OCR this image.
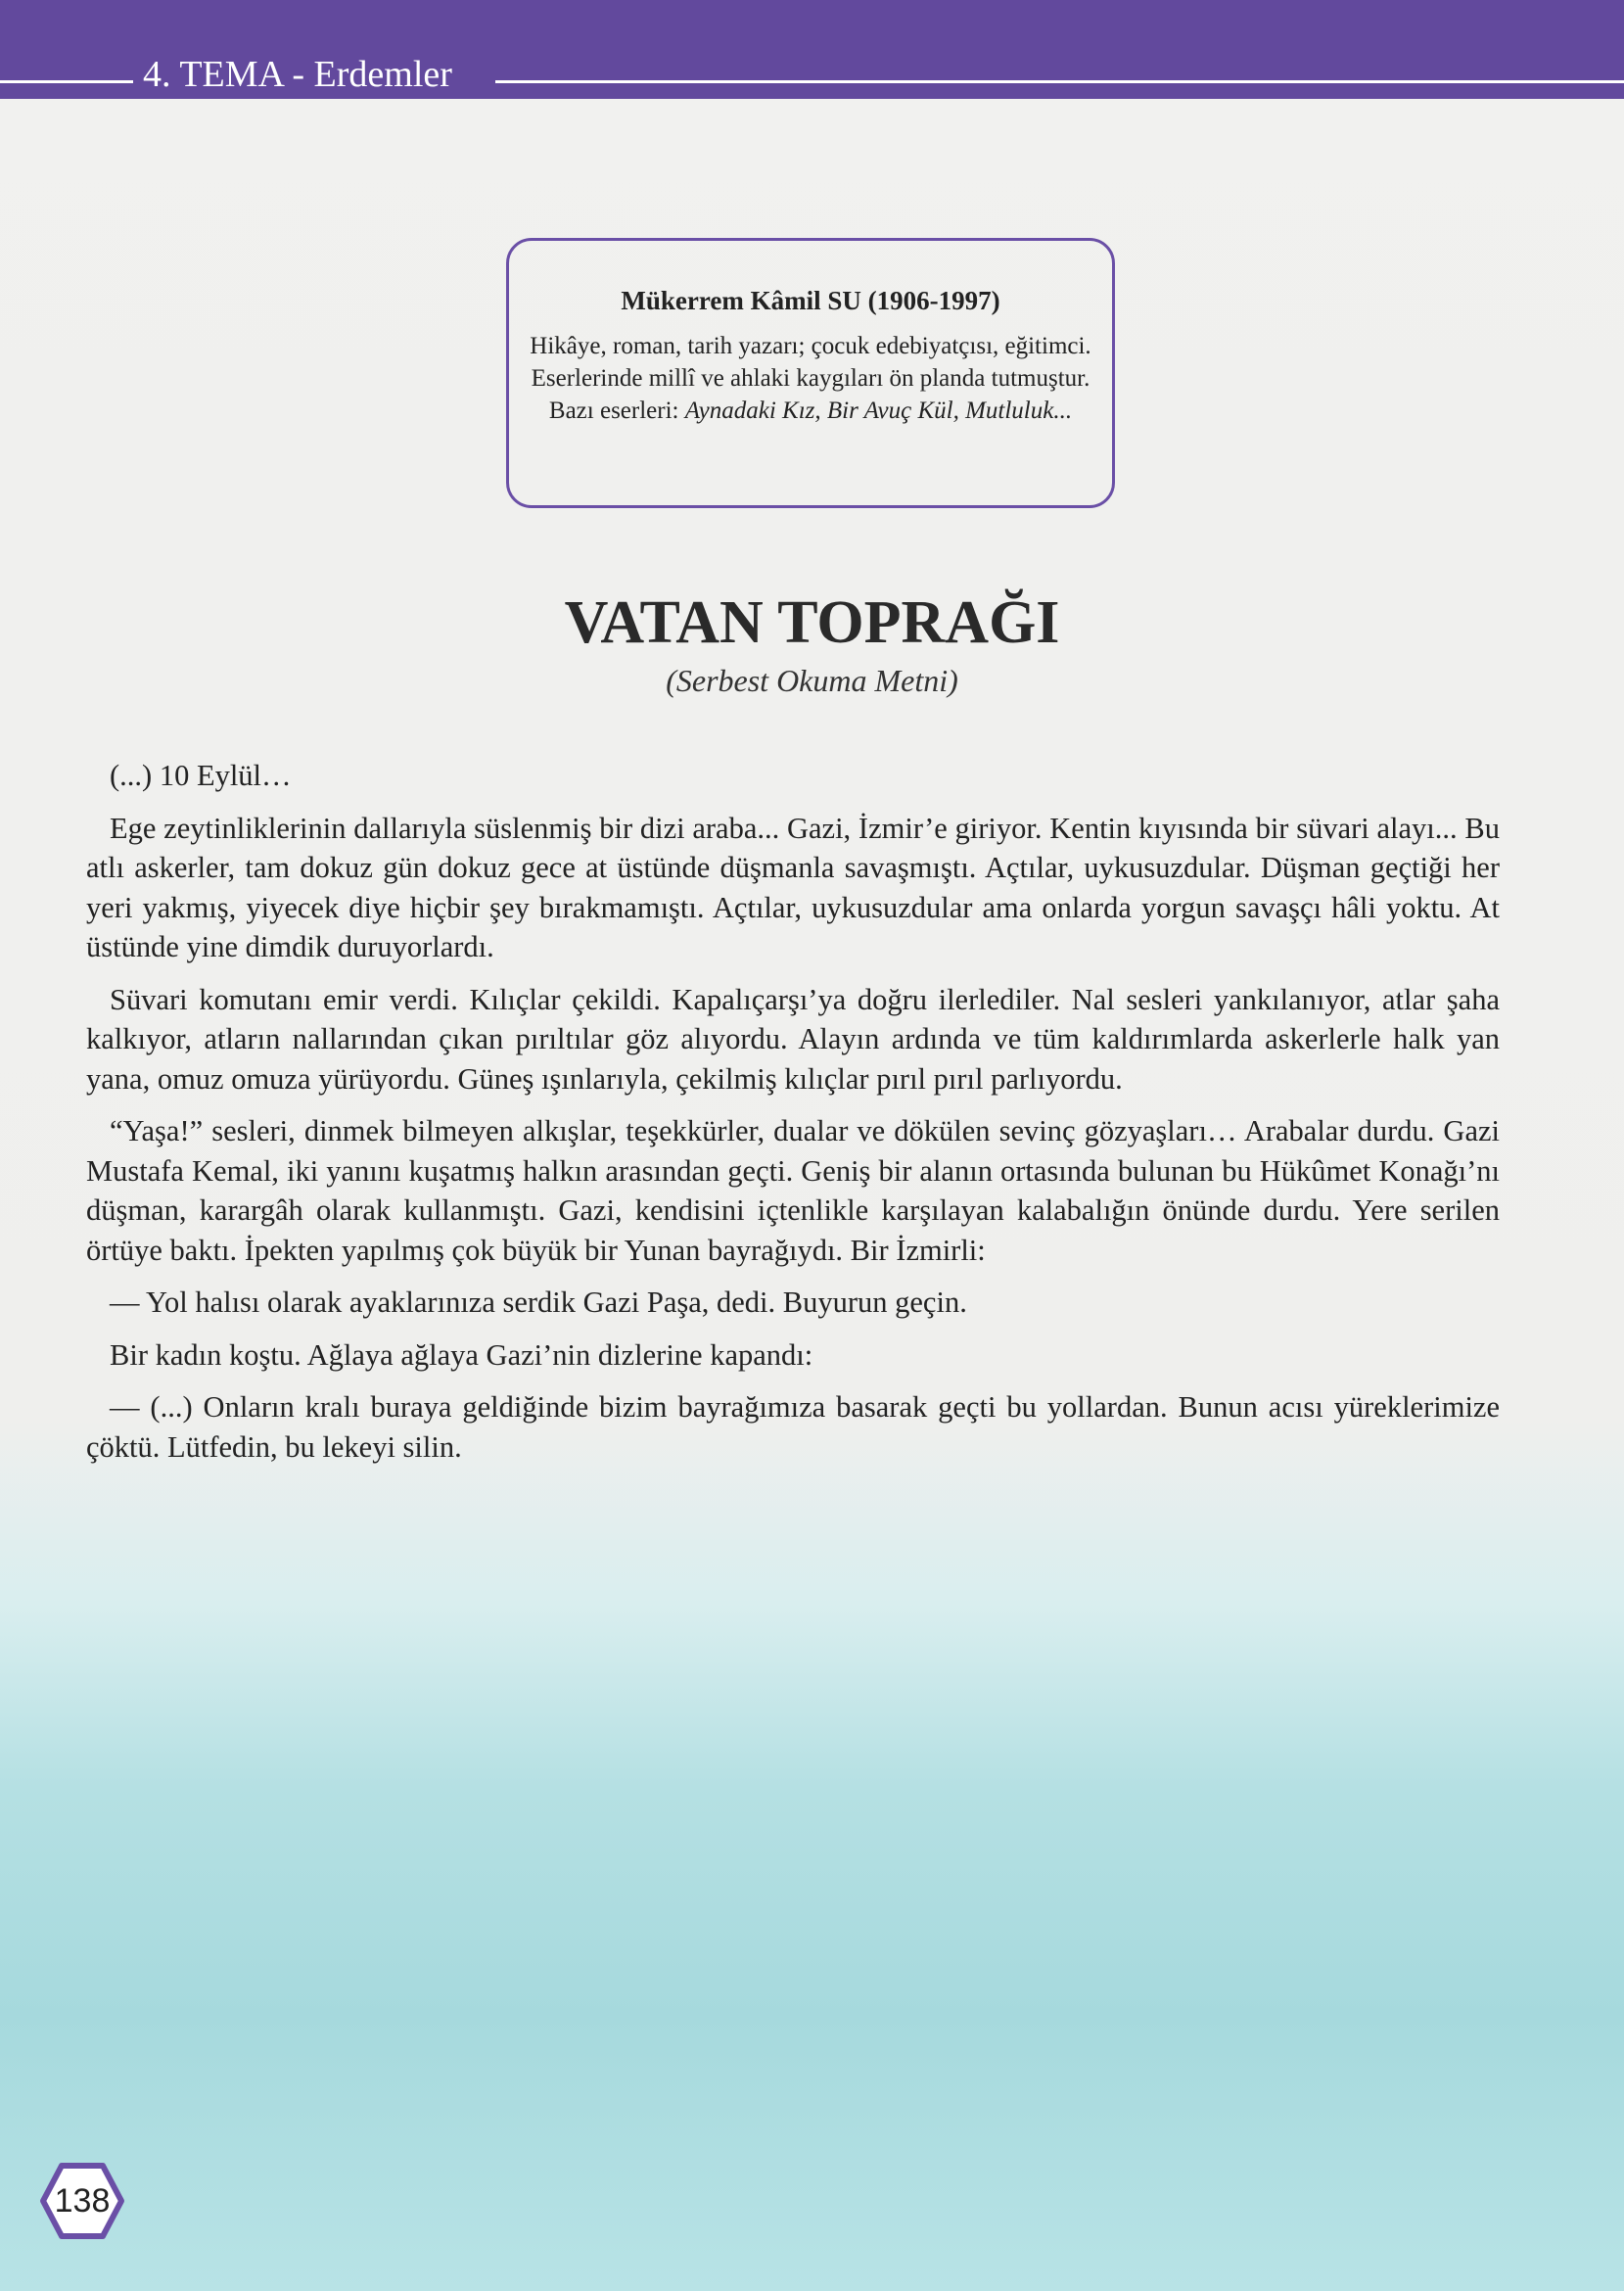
4. TEMA - Erdemler
Mükerrem Kâmil SU (1906-1997)
Hikâye, roman, tarih yazarı; çocuk edebiyatçısı, eğitimci. Eserlerinde millî ve ahlaki kaygıları ön planda tutmuştur. Bazı eserleri: Aynadaki Kız, Bir Avuç Kül, Mutluluk...
VATAN TOPRAĞI
(Serbest Okuma Metni)

(...) 10 Eylül…

Ege zeytinliklerinin dallarıyla süslenmiş bir dizi araba... Gazi, İzmir’e giriyor. Kentin kıyısında bir süvari alayı... Bu atlı askerler, tam dokuz gün dokuz gece at üstünde düşmanla savaşmıştı. Açtılar, uykusuzdular. Düşman geçtiği her yeri yakmış, yiyecek diye hiçbir şey bırakmamıştı. Açtılar, uykusuzdular ama onlarda yorgun savaşçı hâli yoktu. At üstünde yine dimdik duruyorlardı.

Süvari komutanı emir verdi. Kılıçlar çekildi. Kapalıçarşı’ya doğru ilerlediler. Nal sesleri yankılanıyor, atlar şaha kalkıyor, atların nallarından çıkan pırıltılar göz alıyordu. Alayın ardında ve tüm kaldırımlarda askerlerle halk yan yana, omuz omuza yürüyordu. Güneş ışınlarıyla, çekilmiş kılıçlar pırıl pırıl parlıyordu.

“Yaşa!” sesleri, dinmek bilmeyen alkışlar, teşekkürler, dualar ve dökülen sevinç gözyaşları… Arabalar durdu. Gazi Mustafa Kemal, iki yanını kuşatmış halkın arasından geçti. Geniş bir alanın ortasında bulunan bu Hükûmet Konağı’nı düşman, karargâh olarak kullanmıştı. Gazi, kendisini içtenlikle karşılayan kalabalığın önünde durdu. Yere serilen örtüye baktı. İpekten yapılmış çok büyük bir Yunan bayrağıydı. Bir İzmirli:

— Yol halısı olarak ayaklarınıza serdik Gazi Paşa, dedi. Buyurun geçin.

Bir kadın koştu. Ağlaya ağlaya Gazi’nin dizlerine kapandı:

— (...) Onların kralı buraya geldiğinde bizim bayrağımıza basarak geçti bu yollardan. Bunun acısı yüreklerimize çöktü. Lütfedin, bu lekeyi silin.

138
